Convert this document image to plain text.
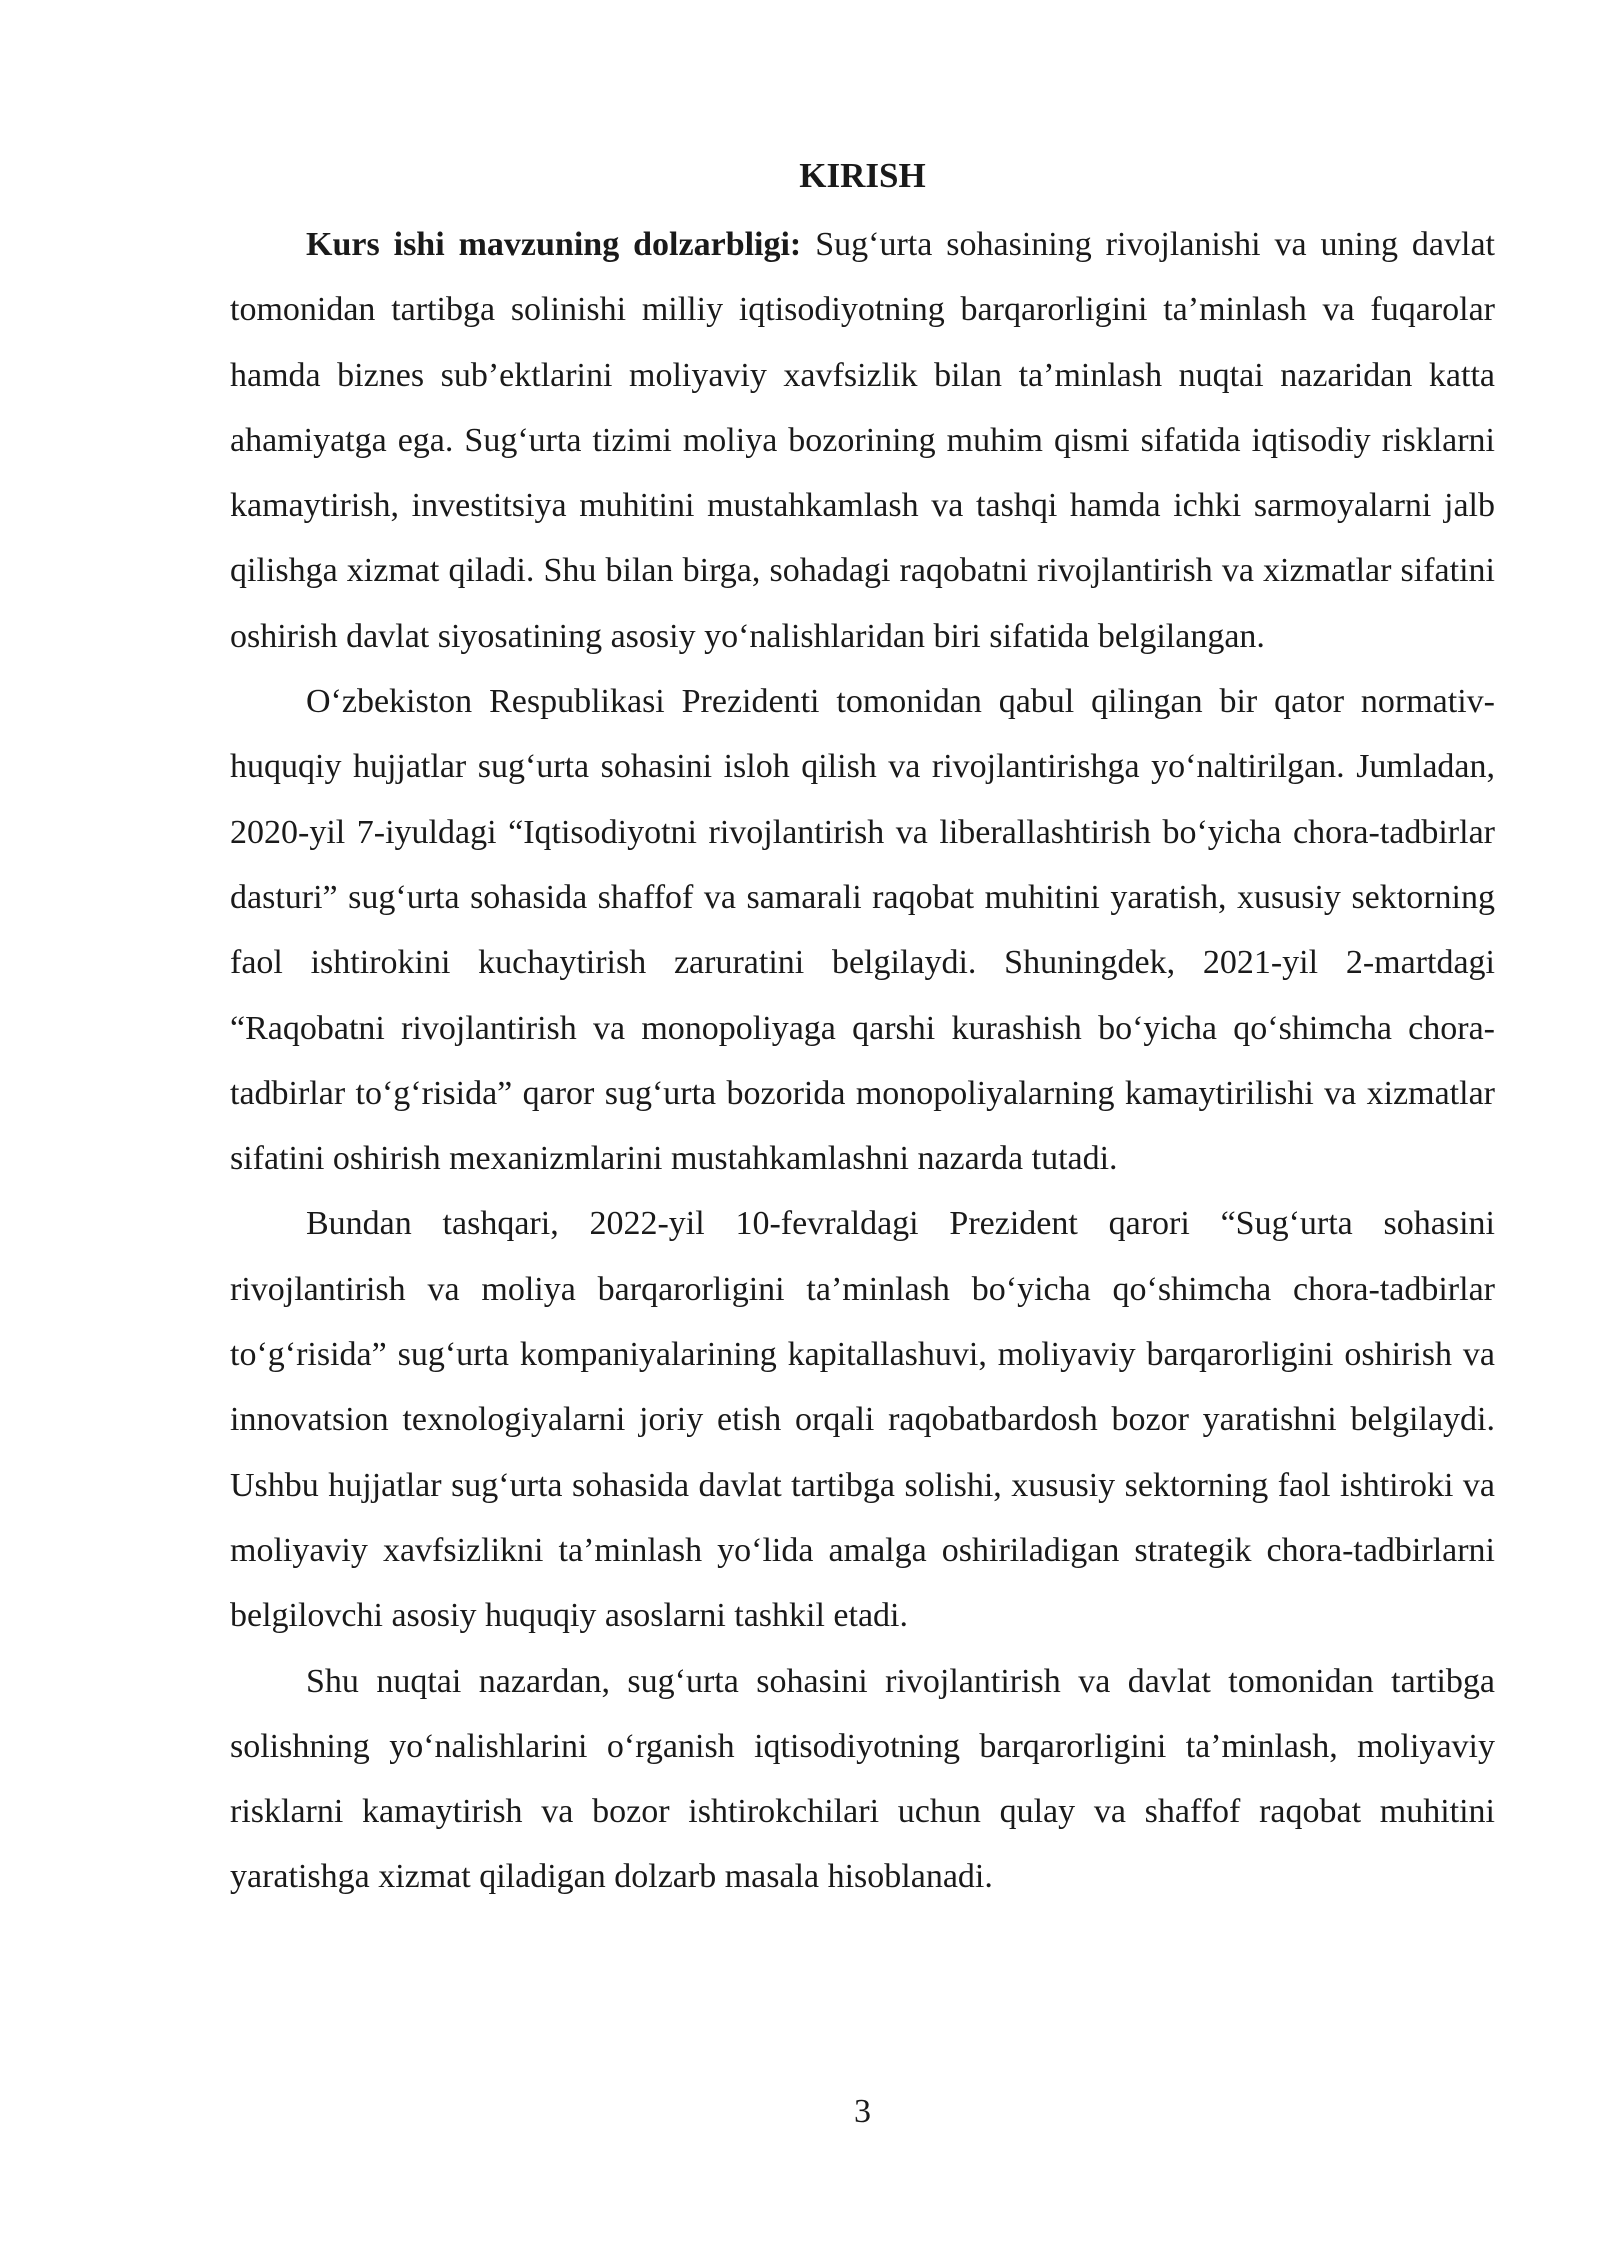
KIRISH

Kurs ishi mavzuning dolzarbligi: Sug‘urta sohasining rivojlanishi va uning davlat tomonidan tartibga solinishi milliy iqtisodiyotning barqarorligini ta’minlash va fuqarolar hamda biznes sub’ektlarini moliyaviy xavfsizlik bilan ta’minlash nuqtai nazaridan katta ahamiyatga ega. Sug‘urta tizimi moliya bozorining muhim qismi sifatida iqtisodiy risklarni kamaytirish, investitsiya muhitini mustahkamlash va tashqi hamda ichki sarmoyalarni jalb qilishga xizmat qiladi. Shu bilan birga, sohadagi raqobatni rivojlantirish va xizmatlar sifatini oshirish davlat siyosatining asosiy yo‘nalishlaridan biri sifatida belgilangan.

O‘zbekiston Respublikasi Prezidenti tomonidan qabul qilingan bir qator normativ-huquqiy hujjatlar sug‘urta sohasini isloh qilish va rivojlantirishga yo‘naltirilgan. Jumladan, 2020-yil 7-iyuldagi “Iqtisodiyotni rivojlantirish va liberallashtirish bo‘yicha chora-tadbirlar dasturi” sug‘urta sohasida shaffof va samarali raqobat muhitini yaratish, xususiy sektorning faol ishtirokini kuchaytirish zaruratini belgilaydi. Shuningdek, 2021-yil 2-martdagi “Raqobatni rivojlantirish va monopoliyaga qarshi kurashish bo‘yicha qo‘shimcha chora-tadbirlar to‘g‘risida” qaror sug‘urta bozorida monopoliyalarning kamaytirilishi va xizmatlar sifatini oshirish mexanizmlarini mustahkamlashni nazarda tutadi.

Bundan tashqari, 2022-yil 10-fevraldagi Prezident qarori “Sug‘urta sohasini rivojlantirish va moliya barqarorligini ta’minlash bo‘yicha qo‘shimcha chora-tadbirlar to‘g‘risida” sug‘urta kompaniyalarining kapitallashuvi, moliyaviy barqarorligini oshirish va innovatsion texnologiyalarni joriy etish orqali raqobatbardosh bozor yaratishni belgilaydi. Ushbu hujjatlar sug‘urta sohasida davlat tartibga solishi, xususiy sektorning faol ishtiroki va moliyaviy xavfsizlikni ta’minlash yo‘lida amalga oshiriladigan strategik chora-tadbirlarni belgilovchi asosiy huquqiy asoslarni tashkil etadi.

Shu nuqtai nazardan, sug‘urta sohasini rivojlantirish va davlat tomonidan tartibga solishning yo‘nalishlarini o‘rganish iqtisodiyotning barqarorligini ta’minlash, moliyaviy risklarni kamaytirish va bozor ishtirokchilari uchun qulay va shaffof raqobat muhitini yaratishga xizmat qiladigan dolzarb masala hisoblanadi.

3
